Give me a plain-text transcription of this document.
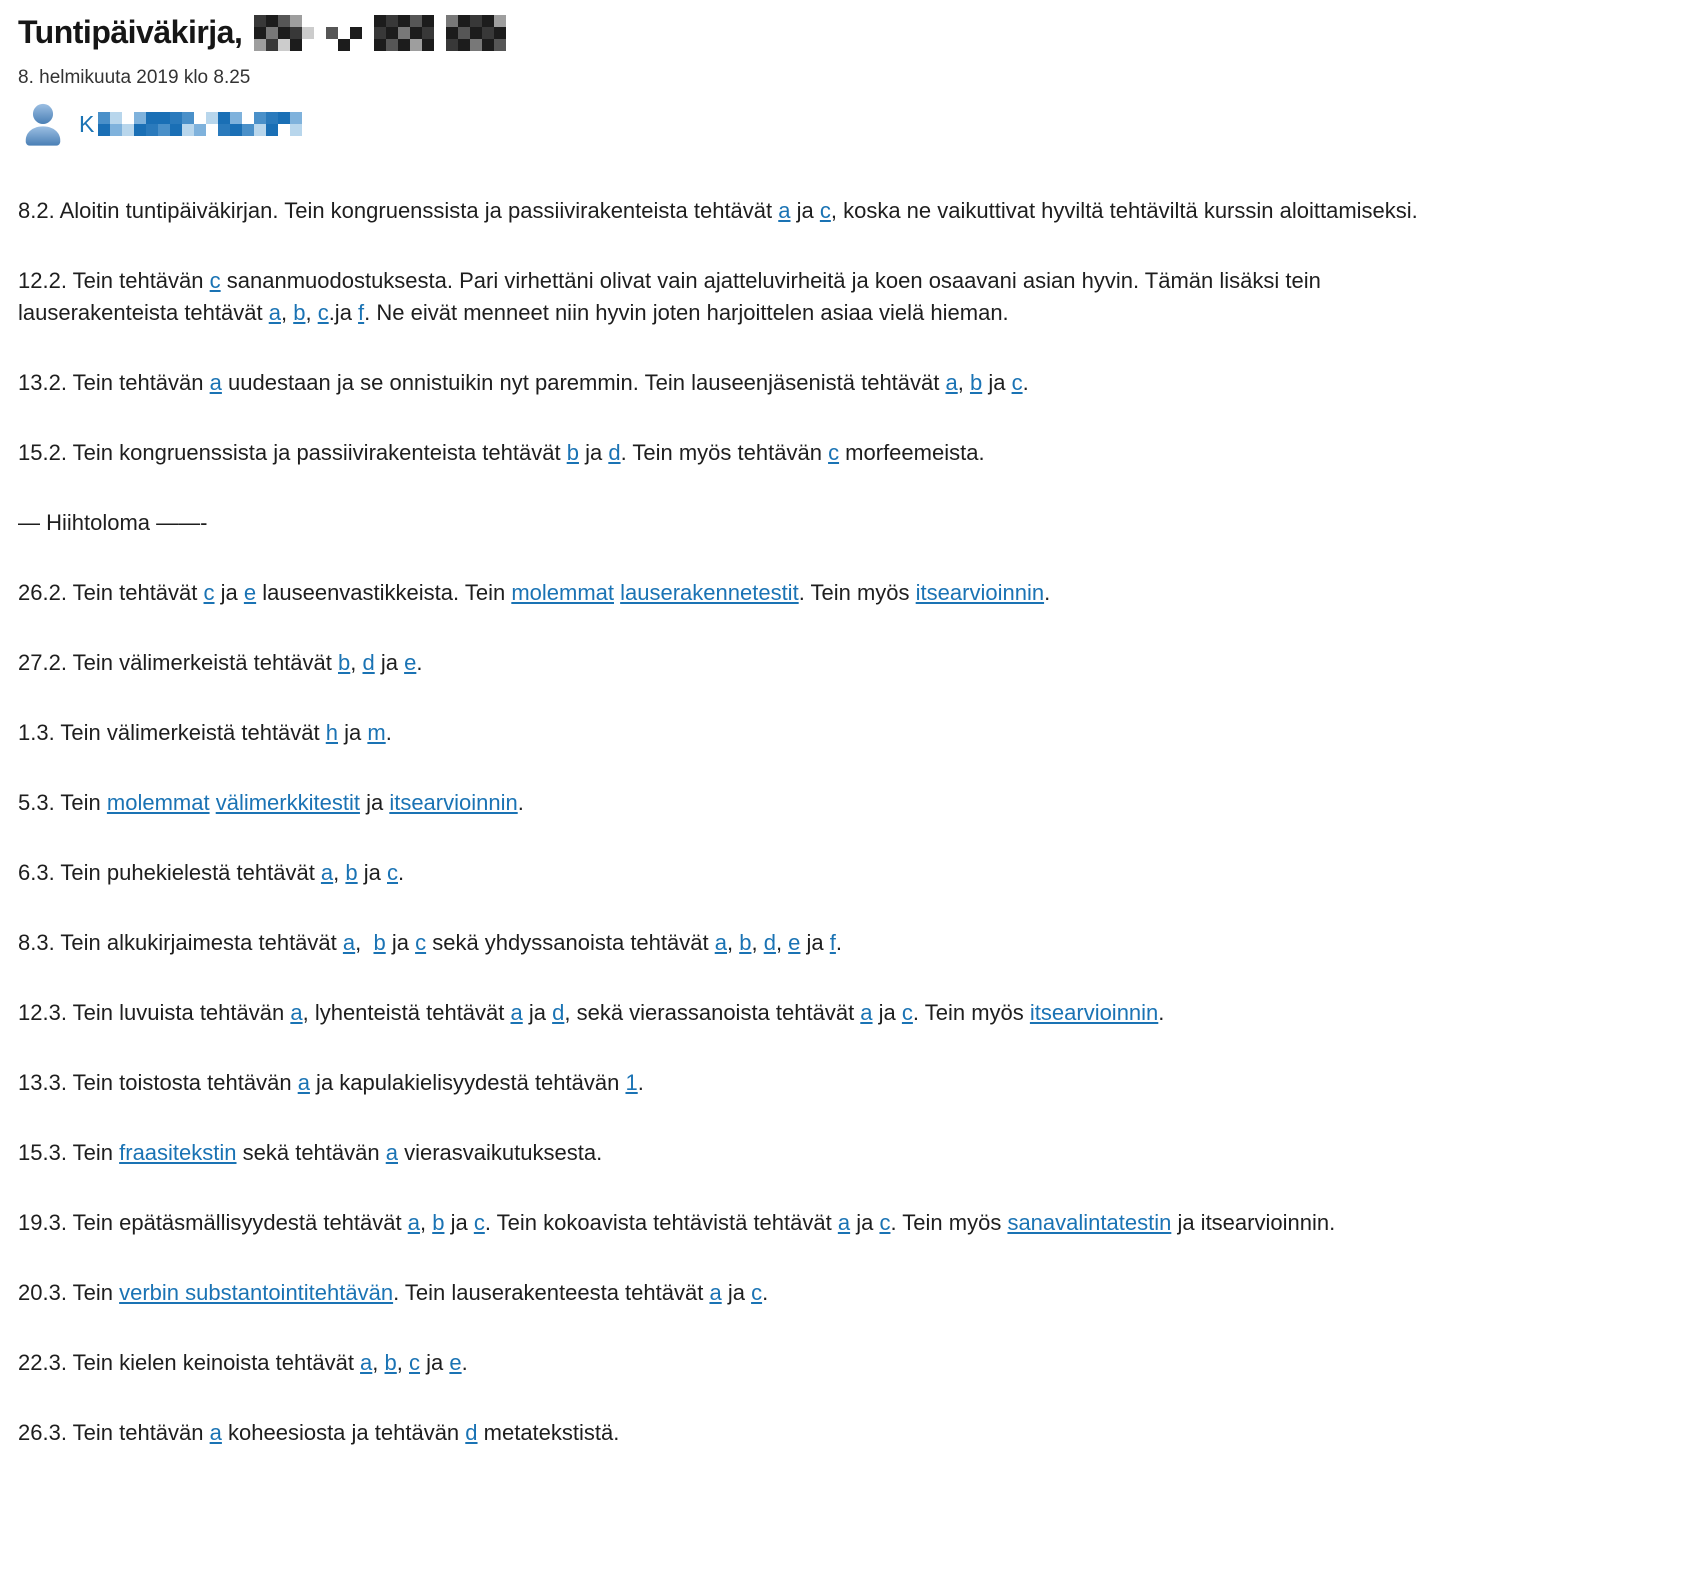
Tuntipäiväkirja,
8. helmikuuta 2019 klo 8.25
K

8.2. Aloitin tuntipäiväkirjan. Tein kongruenssista ja passiivirakenteista tehtävät a ja c, koska ne vaikuttivat hyviltä tehtäviltä kurssin aloittamiseksi.

12.2. Tein tehtävän c sananmuodostuksesta. Pari virhettäni olivat vain ajatteluvirheitä ja koen osaavani asian hyvin. Tämän lisäksi tein
lauserakenteista tehtävät a, b, c.ja f. Ne eivät menneet niin hyvin joten harjoittelen asiaa vielä hieman.

13.2. Tein tehtävän a uudestaan ja se onnistuikin nyt paremmin. Tein lauseenjäsenistä tehtävät a, b ja c.

15.2. Tein kongruenssista ja passiivirakenteista tehtävät b ja d. Tein myös tehtävän c morfeemeista.

— Hiihtoloma ——-

26.2. Tein tehtävät c ja e lauseenvastikkeista. Tein molemmat lauserakennetestit. Tein myös itsearvioinnin.

27.2. Tein välimerkeistä tehtävät b, d ja e.

1.3. Tein välimerkeistä tehtävät h ja m.

5.3. Tein molemmat välimerkkitestit ja itsearvioinnin.

6.3. Tein puhekielestä tehtävät a, b ja c.

8.3. Tein alkukirjaimesta tehtävät a,  b ja c sekä yhdyssanoista tehtävät a, b, d, e ja f.

12.3. Tein luvuista tehtävän a, lyhenteistä tehtävät a ja d, sekä vierassanoista tehtävät a ja c. Tein myös itsearvioinnin.

13.3. Tein toistosta tehtävän a ja kapulakielisyydestä tehtävän 1.

15.3. Tein fraasitekstin sekä tehtävän a vierasvaikutuksesta.

19.3. Tein epätäsmällisyydestä tehtävät a, b ja c. Tein kokoavista tehtävistä tehtävät a ja c. Tein myös sanavalintatestin ja itsearvioinnin.

20.3. Tein verbin substantointitehtävän. Tein lauserakenteesta tehtävät a ja c.

22.3. Tein kielen keinoista tehtävät a, b, c ja e.

26.3. Tein tehtävän a koheesiosta ja tehtävän d metatekstistä.
